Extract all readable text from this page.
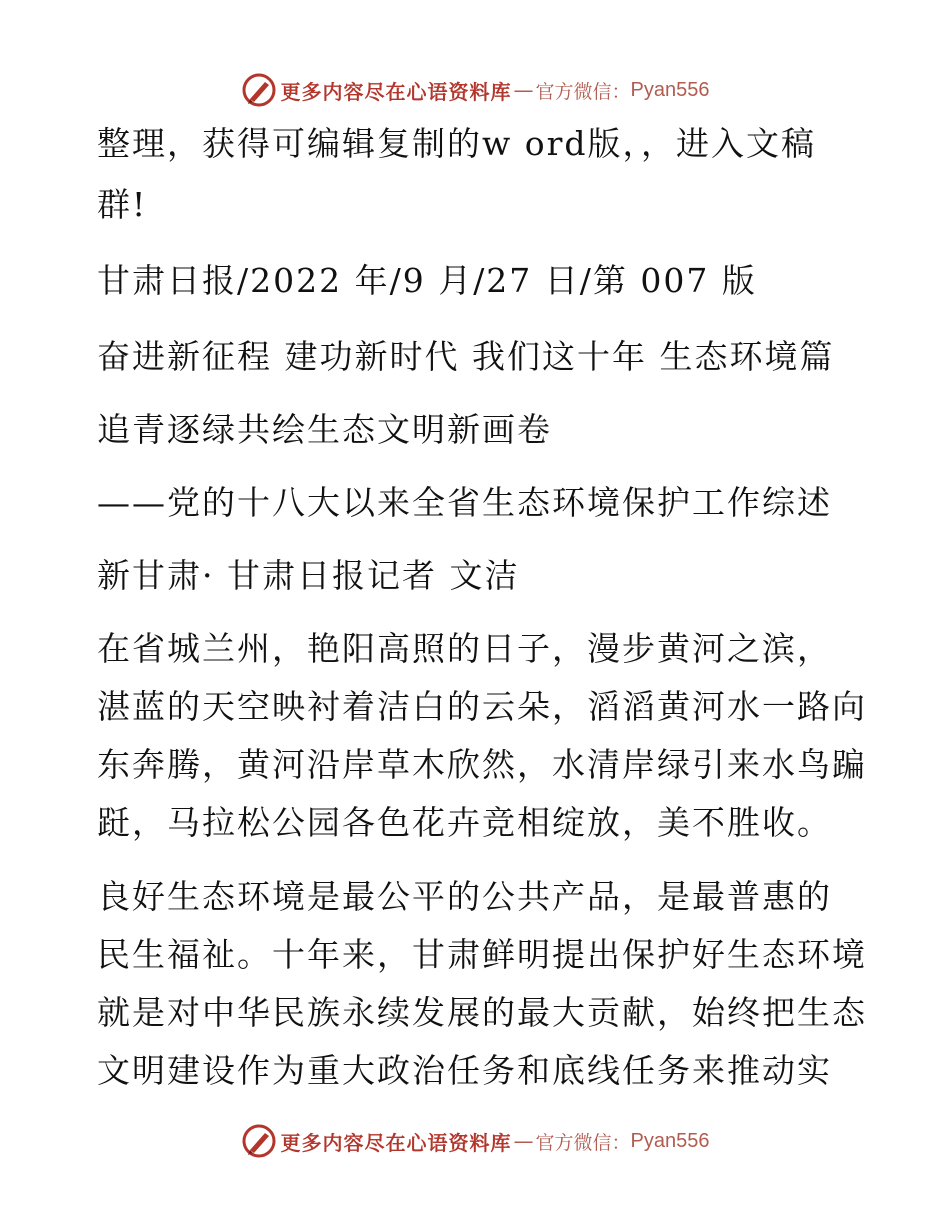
更多内容尽在心语资料库 — 官方微信： Pyan556
整理，获得可编辑复制的w ord版，，进入文稿
群!
甘肃日报/2022 年/9 月/27 日/第 007 版
奋进新征程 建功新时代 我们这十年 生态环境篇
追青逐绿共绘生态文明新画卷
——党的十八大以来全省生态环境保护工作综述
新甘肃· 甘肃日报记者 文洁
在省城兰州，艳阳高照的日子，漫步黄河之滨，
湛蓝的天空映衬着洁白的云朵，滔滔黄河水一路向
东奔腾，黄河沿岸草木欣然，水清岸绿引来水鸟蹁
跹，马拉松公园各色花卉竞相绽放，美不胜收。
良好生态环境是最公平的公共产品，是最普惠的
民生福祉。十年来，甘肃鲜明提出保护好生态环境
就是对中华民族永续发展的最大贡献，始终把生态
文明建设作为重大政治任务和底线任务来推动实
更多内容尽在心语资料库 — 官方微信： Pyan556
